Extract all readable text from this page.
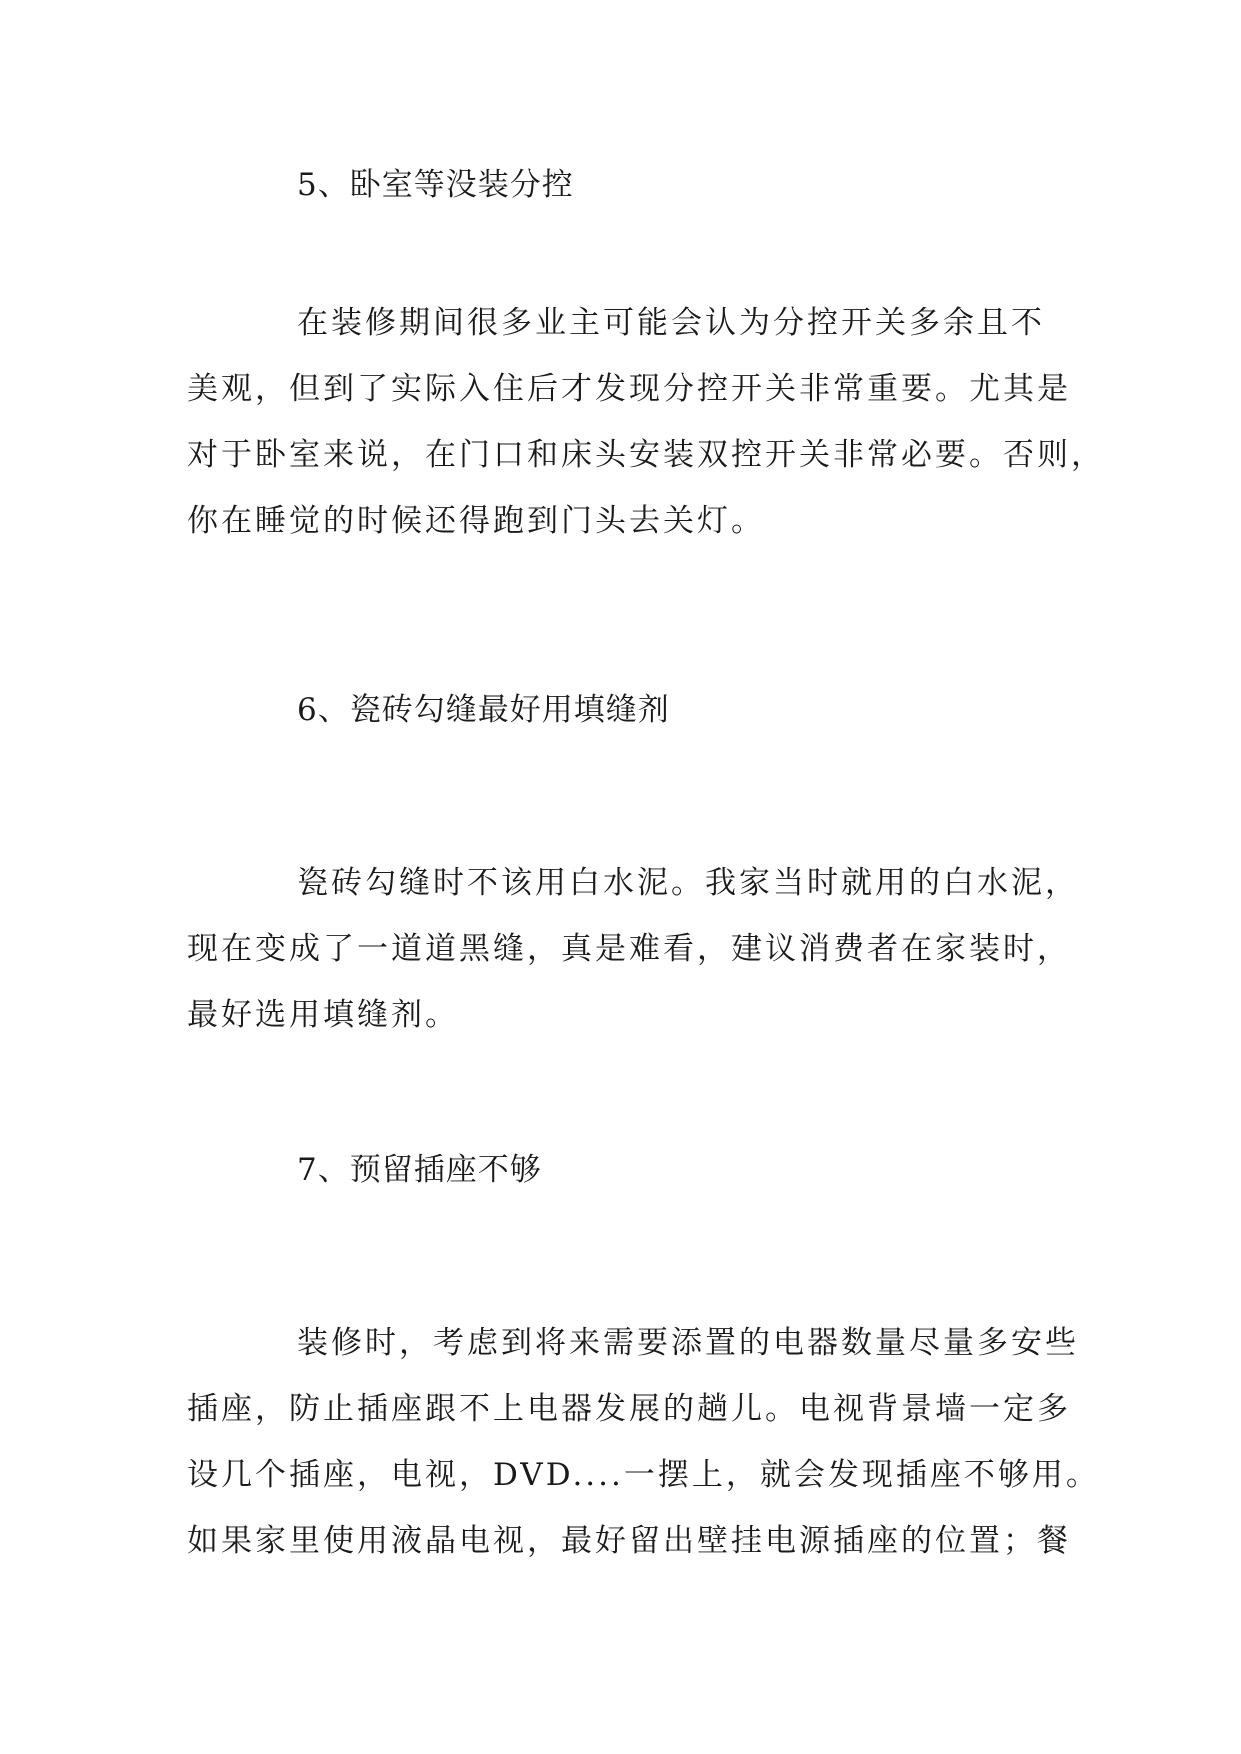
5、卧室等没装分控
在装修期间很多业主可能会认为分控开关多余且不
美观，但到了实际入住后才发现分控开关非常重要。尤其是
对于卧室来说，在门口和床头安装双控开关非常必要。否则，
你在睡觉的时候还得跑到门头去关灯。
6、瓷砖勾缝最好用填缝剂
瓷砖勾缝时不该用白水泥。我家当时就用的白水泥，
现在变成了一道道黑缝，真是难看，建议消费者在家装时，
最好选用填缝剂。
7、预留插座不够
装修时，考虑到将来需要添置的电器数量尽量多安些
插座，防止插座跟不上电器发展的趟儿。电视背景墙一定多
设几个插座，电视，DVD....一摆上，就会发现插座不够用。
如果家里使用液晶电视，最好留出壁挂电源插座的位置；餐
